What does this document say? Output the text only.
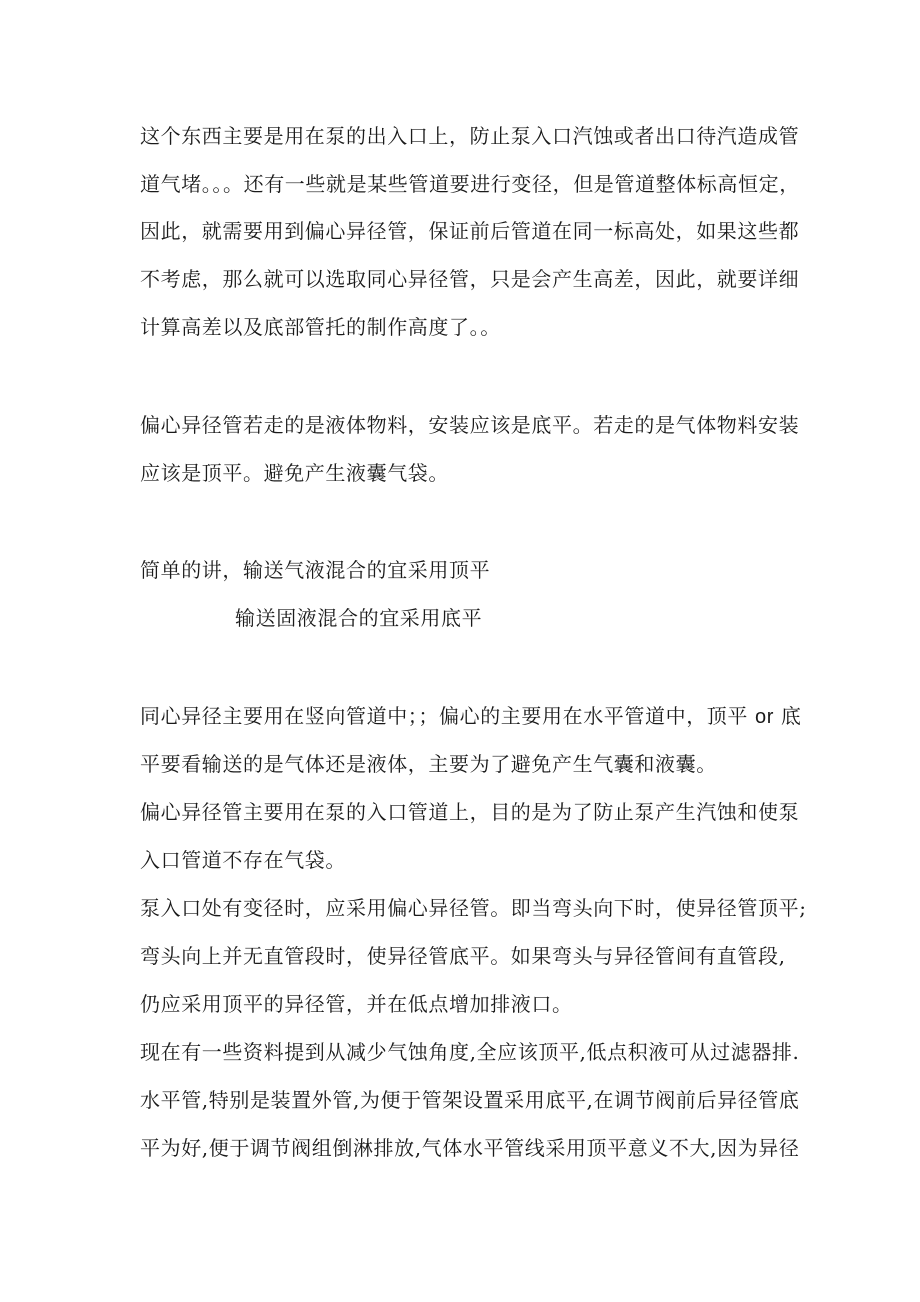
这个东西主要是用在泵的出入口上，防止泵入口汽蚀或者出口待汽造成管
道气堵。。。还有一些就是某些管道要进行变径，但是管道整体标高恒定，
因此，就需要用到偏心异径管，保证前后管道在同一标高处，如果这些都
不考虑，那么就可以选取同心异径管，只是会产生高差，因此，就要详细
计算高差以及底部管托的制作高度了。。
偏心异径管若走的是液体物料，安装应该是底平。若走的是气体物料安装
应该是顶平。避免产生液囊气袋。
简单的讲，输送气液混合的宜采用顶平
输送固液混合的宜采用底平
同心异径主要用在竖向管道中；；偏心的主要用在水平管道中，顶平 or 底
平要看输送的是气体还是液体，主要为了避免产生气囊和液囊。
偏心异径管主要用在泵的入口管道上，目的是为了防止泵产生汽蚀和使泵
入口管道不存在气袋。
泵入口处有变径时，应采用偏心异径管。即当弯头向下时，使异径管顶平;
弯头向上并无直管段时，使异径管底平。如果弯头与异径管间有直管段,
仍应采用顶平的异径管，并在低点增加排液口。
现在有一些资料提到从减少气蚀角度,全应该顶平,低点积液可从过滤器排.
水平管,特别是装置外管,为便于管架设置采用底平,在调节阀前后异径管底
平为好,便于调节阀组倒淋排放,气体水平管线采用顶平意义不大,因为异径
